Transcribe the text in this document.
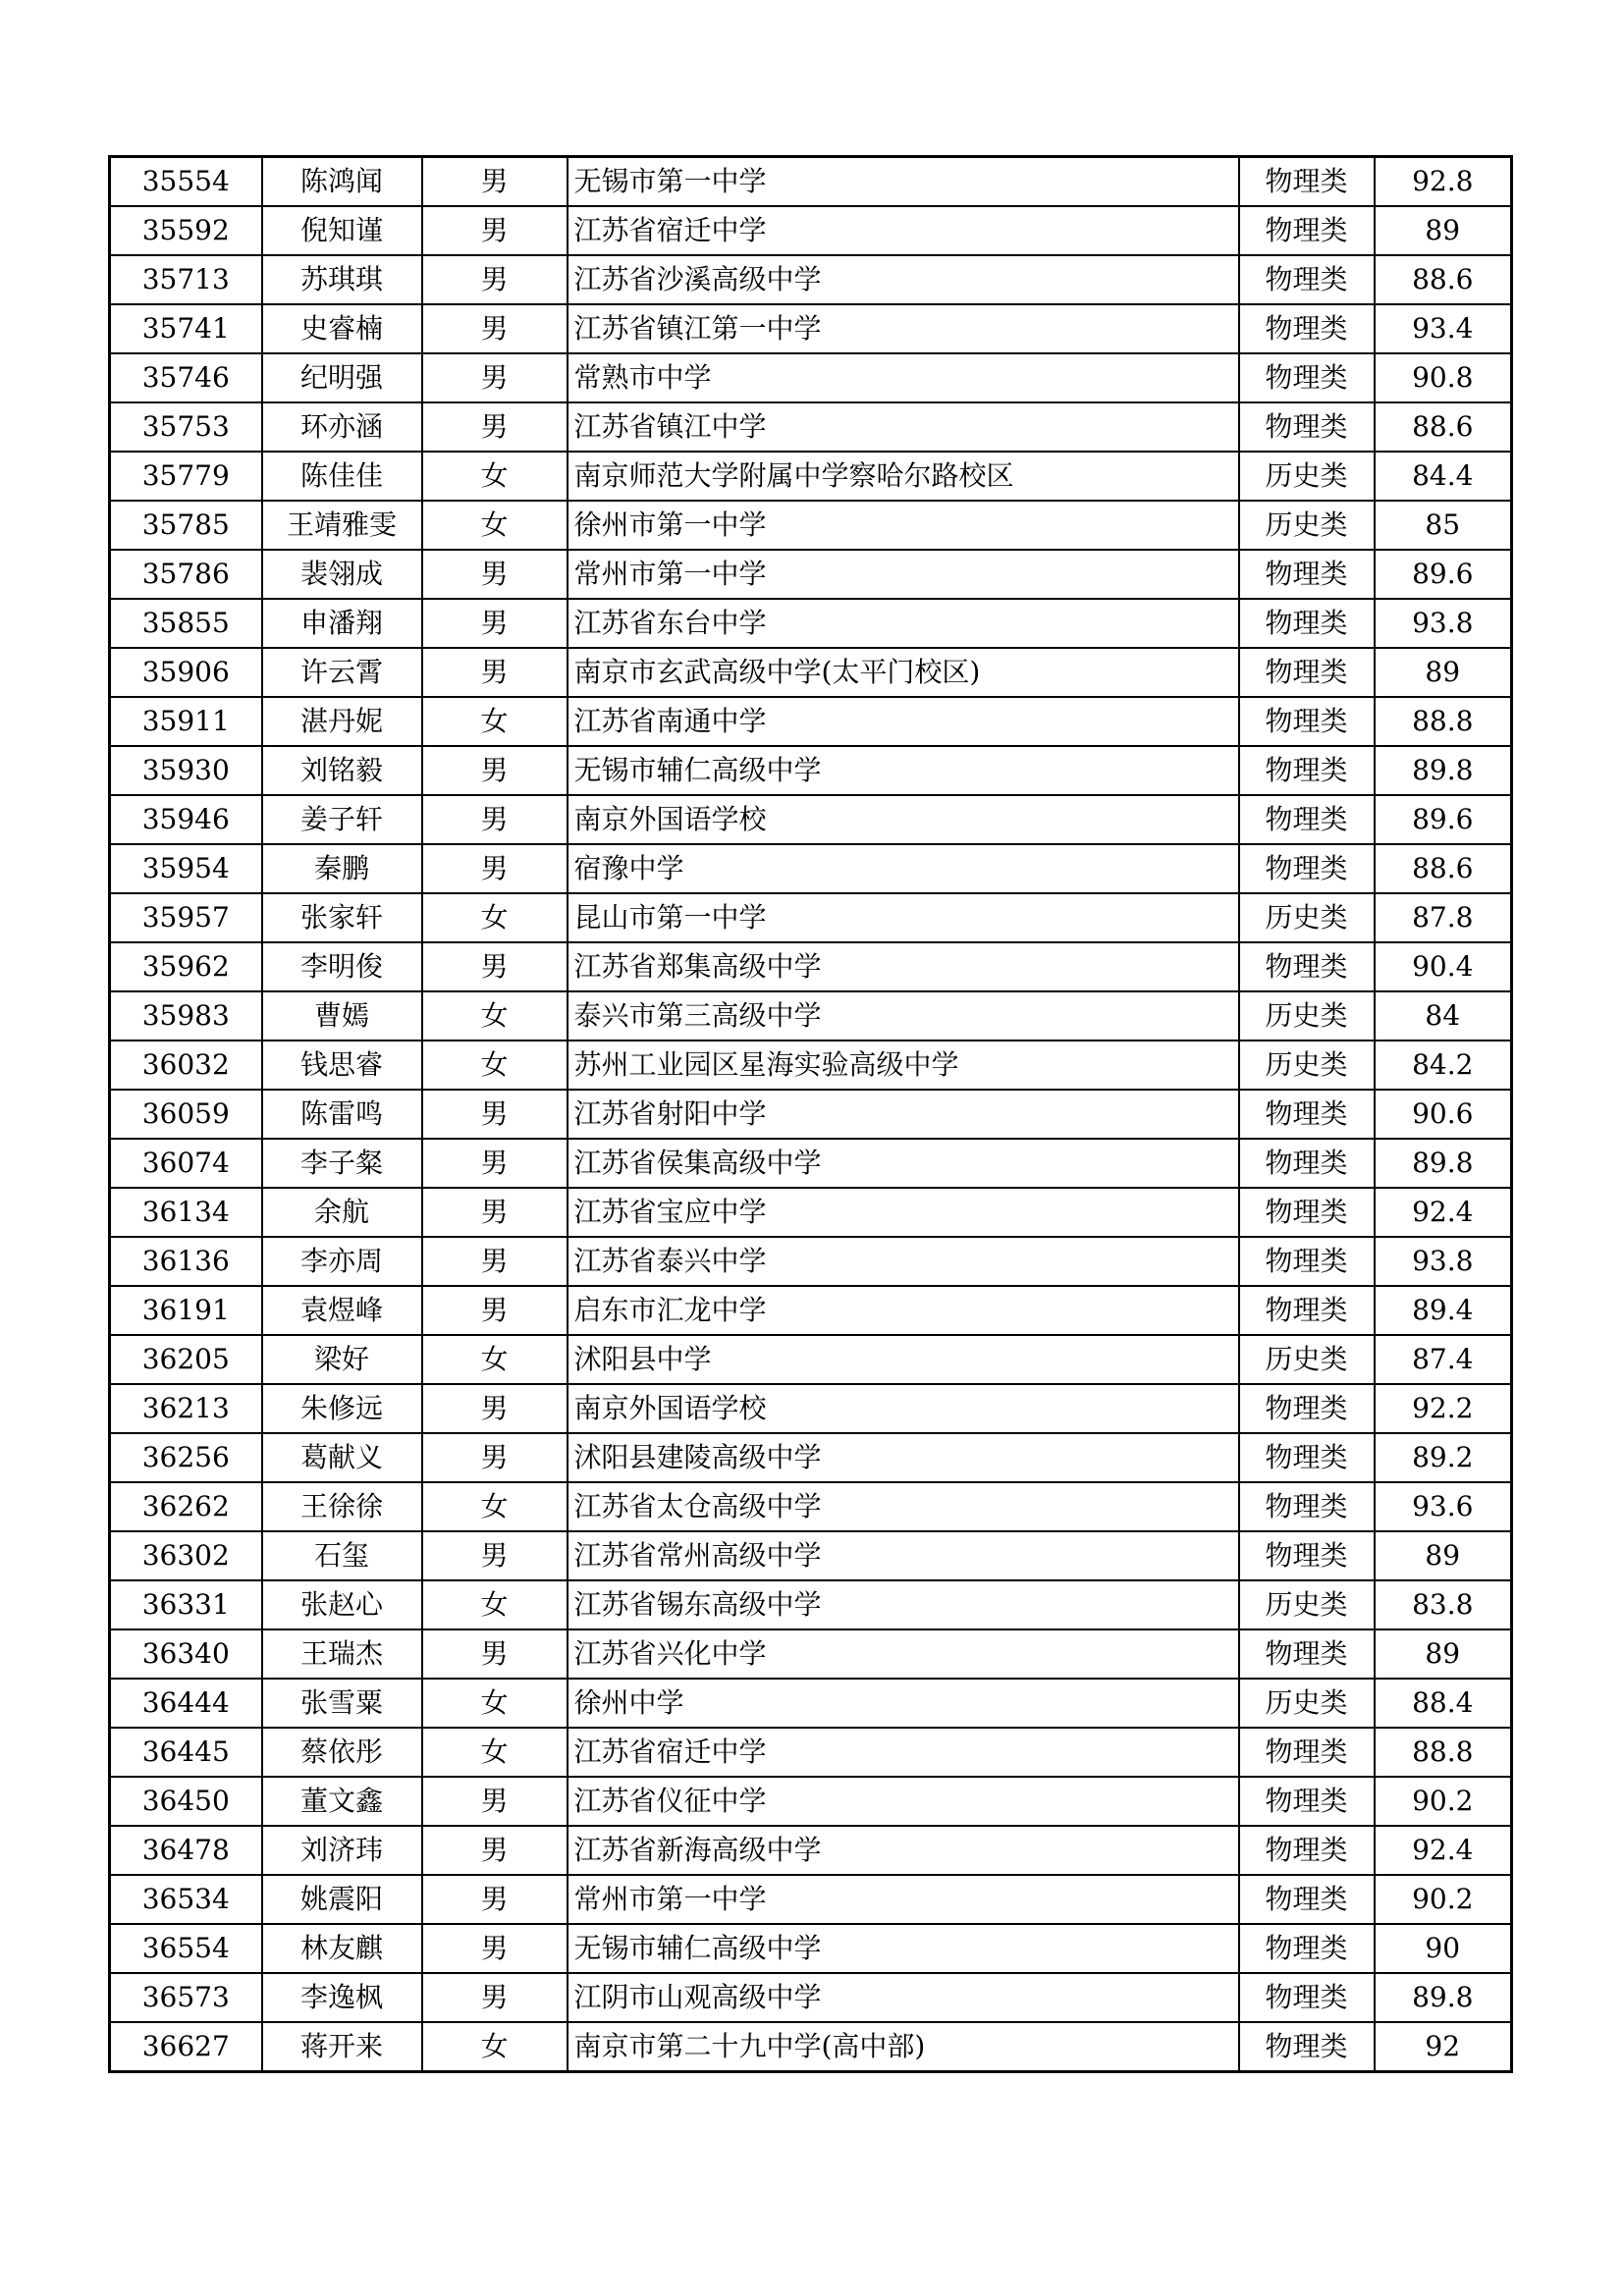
35554	陈鸿闻	男	无锡市第一中学	物理类	92.8
35592	倪知谨	男	江苏省宿迁中学	物理类	89
35713	苏琪琪	男	江苏省沙溪高级中学	物理类	88.6
35741	史睿楠	男	江苏省镇江第一中学	物理类	93.4
35746	纪明强	男	常熟市中学	物理类	90.8
35753	环亦涵	男	江苏省镇江中学	物理类	88.6
35779	陈佳佳	女	南京师范大学附属中学察哈尔路校区	历史类	84.4
35785	王靖雅雯	女	徐州市第一中学	历史类	85
35786	裴翎成	男	常州市第一中学	物理类	89.6
35855	申潘翔	男	江苏省东台中学	物理类	93.8
35906	许云霄	男	南京市玄武高级中学(太平门校区)	物理类	89
35911	湛丹妮	女	江苏省南通中学	物理类	88.8
35930	刘铭毅	男	无锡市辅仁高级中学	物理类	89.8
35946	姜子轩	男	南京外国语学校	物理类	89.6
35954	秦鹏	男	宿豫中学	物理类	88.6
35957	张家轩	女	昆山市第一中学	历史类	87.8
35962	李明俊	男	江苏省郑集高级中学	物理类	90.4
35983	曹嫣	女	泰兴市第三高级中学	历史类	84
36032	钱思睿	女	苏州工业园区星海实验高级中学	历史类	84.2
36059	陈雷鸣	男	江苏省射阳中学	物理类	90.6
36074	李子粲	男	江苏省侯集高级中学	物理类	89.8
36134	余航	男	江苏省宝应中学	物理类	92.4
36136	李亦周	男	江苏省泰兴中学	物理类	93.8
36191	袁煜峰	男	启东市汇龙中学	物理类	89.4
36205	梁好	女	沭阳县中学	历史类	87.4
36213	朱修远	男	南京外国语学校	物理类	92.2
36256	葛献义	男	沭阳县建陵高级中学	物理类	89.2
36262	王徐徐	女	江苏省太仓高级中学	物理类	93.6
36302	石玺	男	江苏省常州高级中学	物理类	89
36331	张赵心	女	江苏省锡东高级中学	历史类	83.8
36340	王瑞杰	男	江苏省兴化中学	物理类	89
36444	张雪粟	女	徐州中学	历史类	88.4
36445	蔡依彤	女	江苏省宿迁中学	物理类	88.8
36450	董文鑫	男	江苏省仪征中学	物理类	90.2
36478	刘济玮	男	江苏省新海高级中学	物理类	92.4
36534	姚震阳	男	常州市第一中学	物理类	90.2
36554	林友麒	男	无锡市辅仁高级中学	物理类	90
36573	李逸枫	男	江阴市山观高级中学	物理类	89.8
36627	蒋开来	女	南京市第二十九中学(高中部)	物理类	92
